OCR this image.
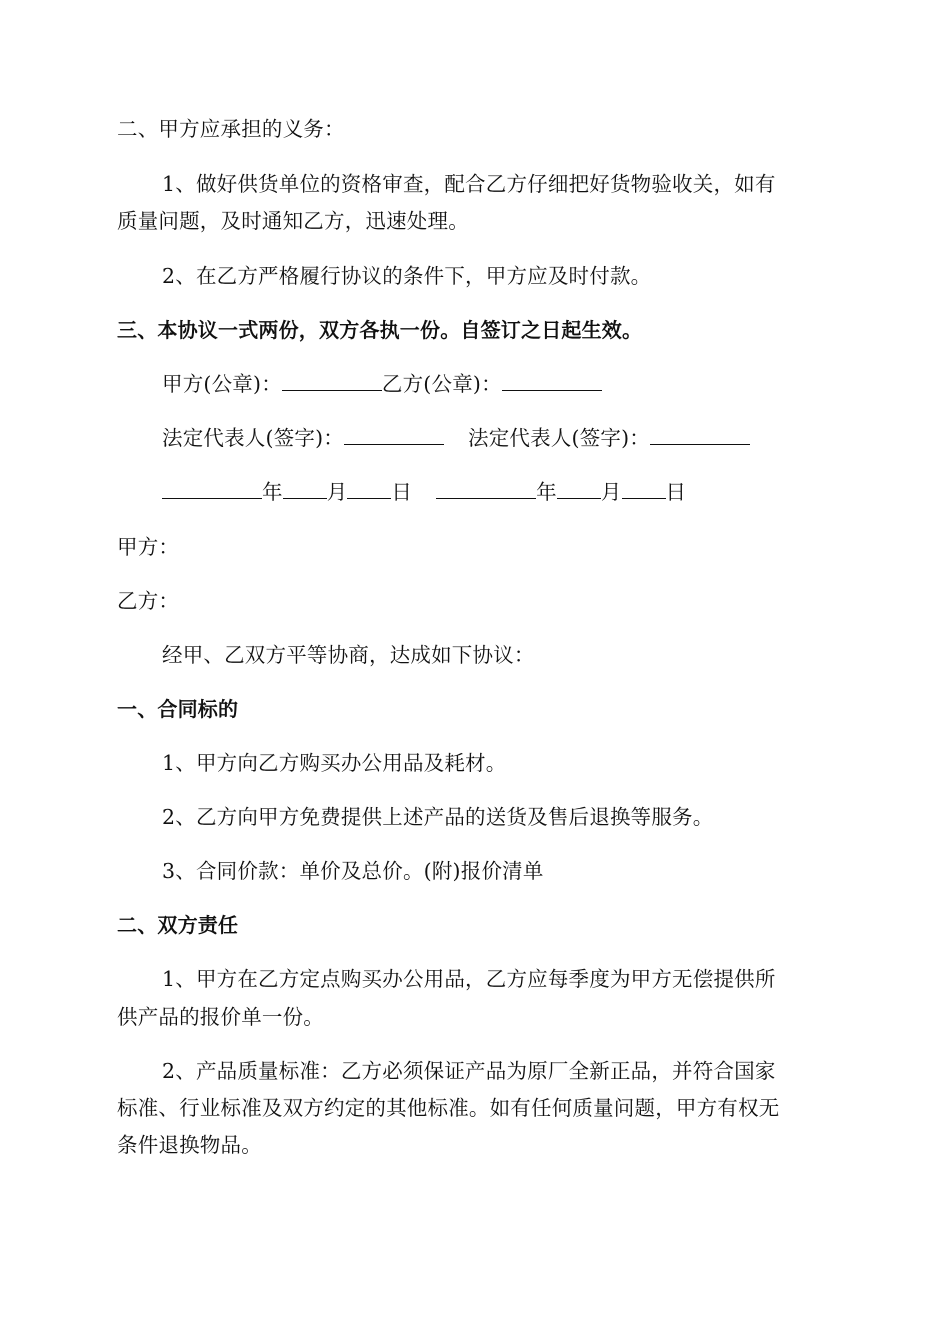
二、甲方应承担的义务：
1、做好供货单位的资格审查，配合乙方仔细把好货物验收关，如有
质量问题，及时通知乙方，迅速处理。
2、在乙方严格履行协议的条件下，甲方应及时付款。
三、本协议一式两份，双方各执一份。自签订之日起生效。
甲方(公章)：	乙方(公章)：
法定代表人(签字)：	法定代表人(签字)：
年 月 日	年 月 日
甲方：
乙方：
经甲、乙双方平等协商，达成如下协议：
一、合同标的
1、甲方向乙方购买办公用品及耗材。
2、乙方向甲方免费提供上述产品的送货及售后退换等服务。
3、合同价款：单价及总价。(附)报价清单
二、双方责任
1、甲方在乙方定点购买办公用品，乙方应每季度为甲方无偿提供所
供产品的报价单一份。
2、产品质量标准：乙方必须保证产品为原厂全新正品，并符合国家
标准、行业标准及双方约定的其他标准。如有任何质量问题，甲方有权无
条件退换物品。
